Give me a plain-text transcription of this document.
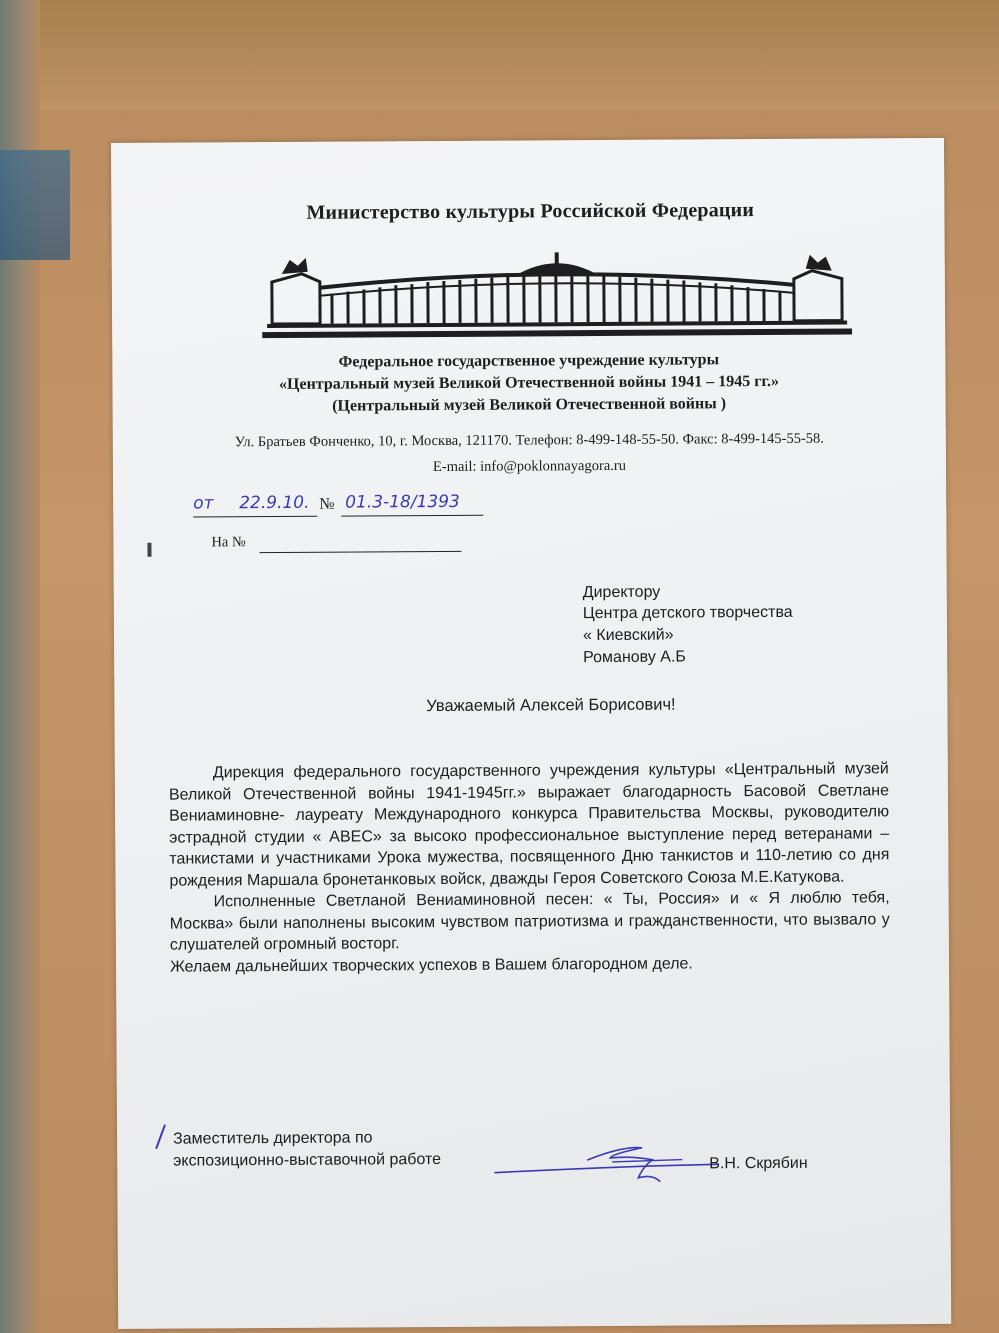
Министерство культуры Российской Федерации
Федеральное государственное учреждение культуры
«Центральный музей Великой Отечественной войны 1941 – 1945 гг.»
(Центральный музей Великой Отечественной войны )
Ул. Братьев Фонченко, 10, г. Москва, 121170. Телефон: 8-499-148-55-50. Факс: 8-499-145-55-58.
E-mail: info@poklonnayagora.ru
от 22.9.10. № 01.3-18/1393
На №
Директору
Центра детского творчества
« Киевский»
Романову А.Б
Уважаемый Алексей Борисович!

Дирекция федерального государственного учреждения культуры «Центральный музей Великой Отечественной войны 1941-1945гг.» выражает благодарность Басовой Светлане Вениаминовне- лауреату Международного конкурса Правительства Москвы, руководителю эстрадной студии « АВЕС» за высоко профессиональное выступление перед ветеранами –танкистами и участниками Урока мужества, посвященного Дню танкистов и 110-летию со дня рождения Маршала бронетанковых войск, дважды Героя Советского Союза М.Е.Катукова.

Исполненные Светланой Вениаминовной песен: « Ты, Россия» и « Я люблю тебя, Москва» были наполнены высоким чувством патриотизма и гражданственности, что вызвало у слушателей огромный восторг.

Желаем дальнейших творческих успехов в Вашем благородном деле.

Заместитель директора по
экспозиционно-выставочной работе	В.Н. Скрябин
